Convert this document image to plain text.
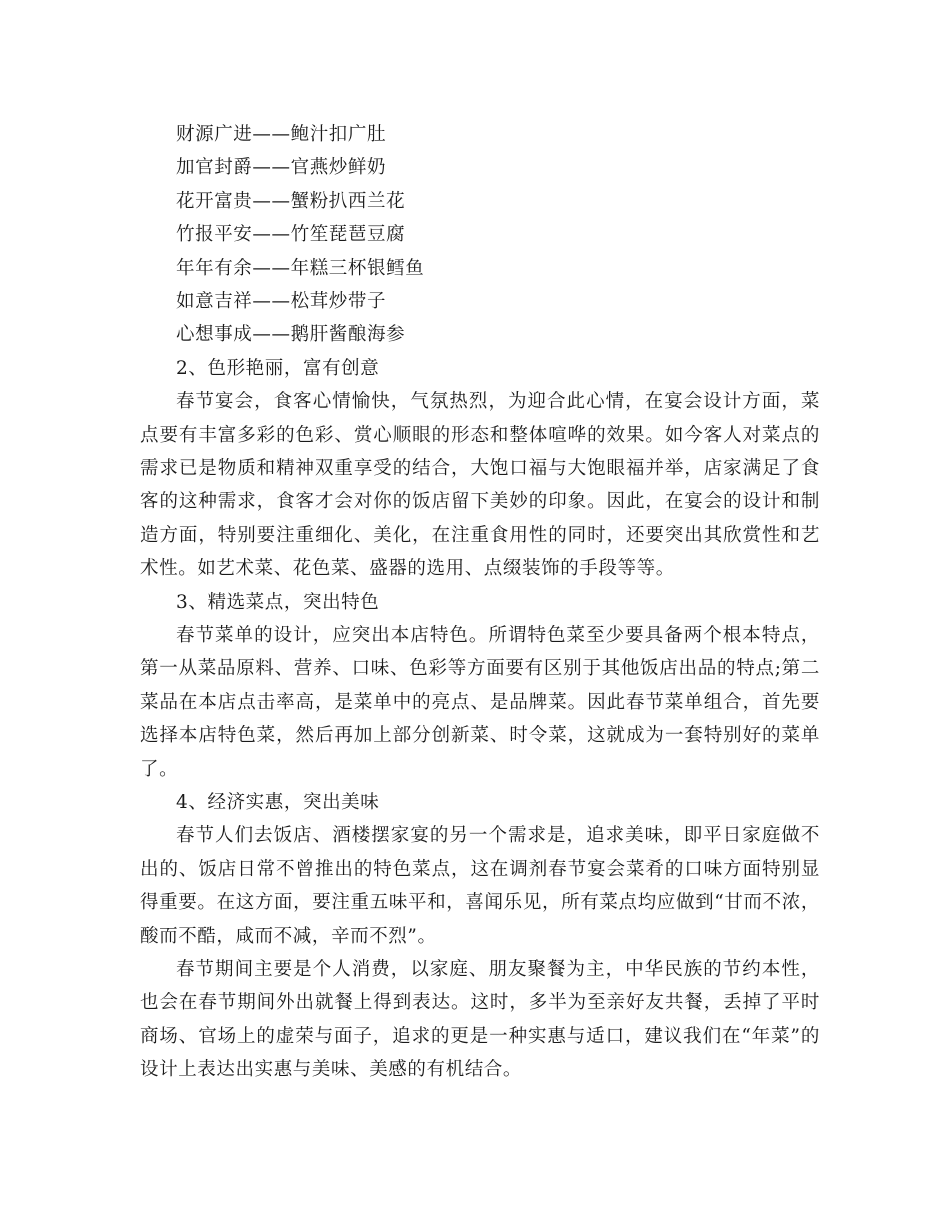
财源广进——鲍汁扣广肚
加官封爵——官燕炒鲜奶
花开富贵——蟹粉扒西兰花
竹报平安——竹笙琵琶豆腐
年年有余——年糕三杯银鳕鱼
如意吉祥——松茸炒带子
心想事成——鹅肝酱酿海参
2、色形艳丽，富有创意

春节宴会，食客心情愉快，气氛热烈，为迎合此心情，在宴会设计方面，菜点要有丰富多彩的色彩、赏心顺眼的形态和整体喧哗的效果。如今客人对菜点的需求已是物质和精神双重享受的结合，大饱口福与大饱眼福并举，店家满足了食客的这种需求，食客才会对你的饭店留下美妙的印象。因此，在宴会的设计和制造方面，特别要注重细化、美化，在注重食用性的同时，还要突出其欣赏性和艺术性。如艺术菜、花色菜、盛器的选用、点缀装饰的手段等等。

3、精选菜点，突出特色

春节菜单的设计，应突出本店特色。所谓特色菜至少要具备两个根本特点，第一从菜品原料、营养、口味、色彩等方面要有区别于其他饭店出品的特点;第二菜品在本店点击率高，是菜单中的亮点、是品牌菜。因此春节菜单组合，首先要选择本店特色菜，然后再加上部分创新菜、时令菜，这就成为一套特别好的菜单了。

4、经济实惠，突出美味

春节人们去饭店、酒楼摆家宴的另一个需求是，追求美味，即平日家庭做不出的、饭店日常不曾推出的特色菜点，这在调剂春节宴会菜肴的口味方面特别显得重要。在这方面，要注重五味平和，喜闻乐见，所有菜点均应做到“甘而不浓，酸而不酷，咸而不减，辛而不烈”。

春节期间主要是个人消费，以家庭、朋友聚餐为主，中华民族的节约本性，也会在春节期间外出就餐上得到表达。这时，多半为至亲好友共餐，丢掉了平时商场、官场上的虚荣与面子，追求的更是一种实惠与适口，建议我们在“年菜”的设计上表达出实惠与美味、美感的有机结合。
